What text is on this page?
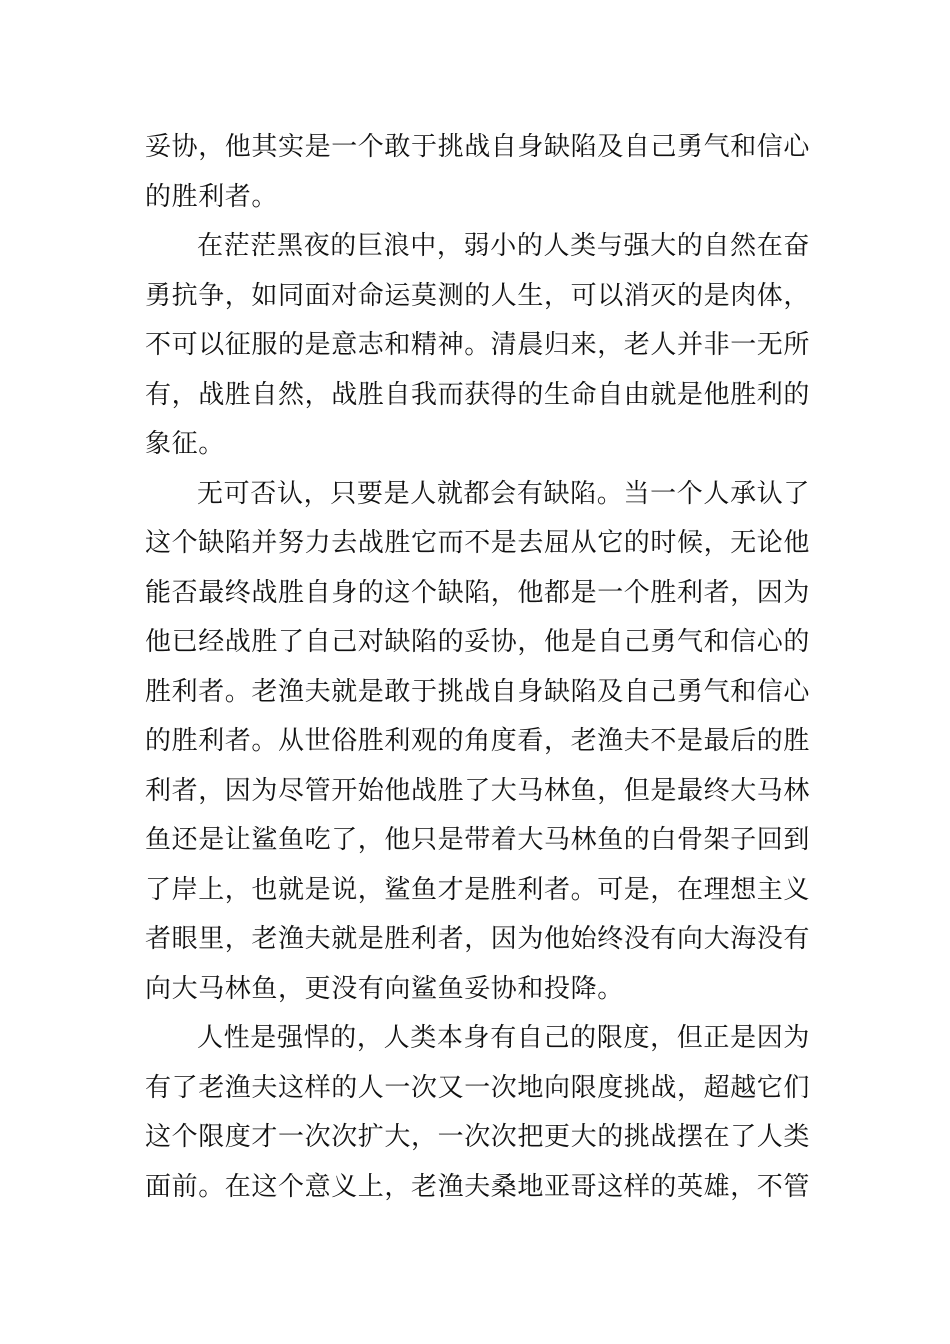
妥协，他其实是一个敢于挑战自身缺陷及自己勇气和信心的胜利者。

在茫茫黑夜的巨浪中，弱小的人类与强大的自然在奋勇抗争，如同面对命运莫测的人生，可以消灭的是肉体，不可以征服的是意志和精神。清晨归来，老人并非一无所有，战胜自然，战胜自我而获得的生命自由就是他胜利的象征。

无可否认，只要是人就都会有缺陷。当一个人承认了这个缺陷并努力去战胜它而不是去屈从它的时候，无论他能否最终战胜自身的这个缺陷，他都是一个胜利者，因为他已经战胜了自己对缺陷的妥协，他是自己勇气和信心的胜利者。老渔夫就是敢于挑战自身缺陷及自己勇气和信心的胜利者。从世俗胜利观的角度看，老渔夫不是最后的胜利者，因为尽管开始他战胜了大马林鱼，但是最终大马林鱼还是让鲨鱼吃了，他只是带着大马林鱼的白骨架子回到了岸上，也就是说，鲨鱼才是胜利者。可是，在理想主义者眼里，老渔夫就是胜利者，因为他始终没有向大海没有向大马林鱼，更没有向鲨鱼妥协和投降。

人性是强悍的，人类本身有自己的限度，但正是因为有了老渔夫这样的人一次又一次地向限度挑战，超越它们这个限度才一次次扩大，一次次把更大的挑战摆在了人类面前。在这个意义上，老渔夫桑地亚哥这样的英雄，不管
